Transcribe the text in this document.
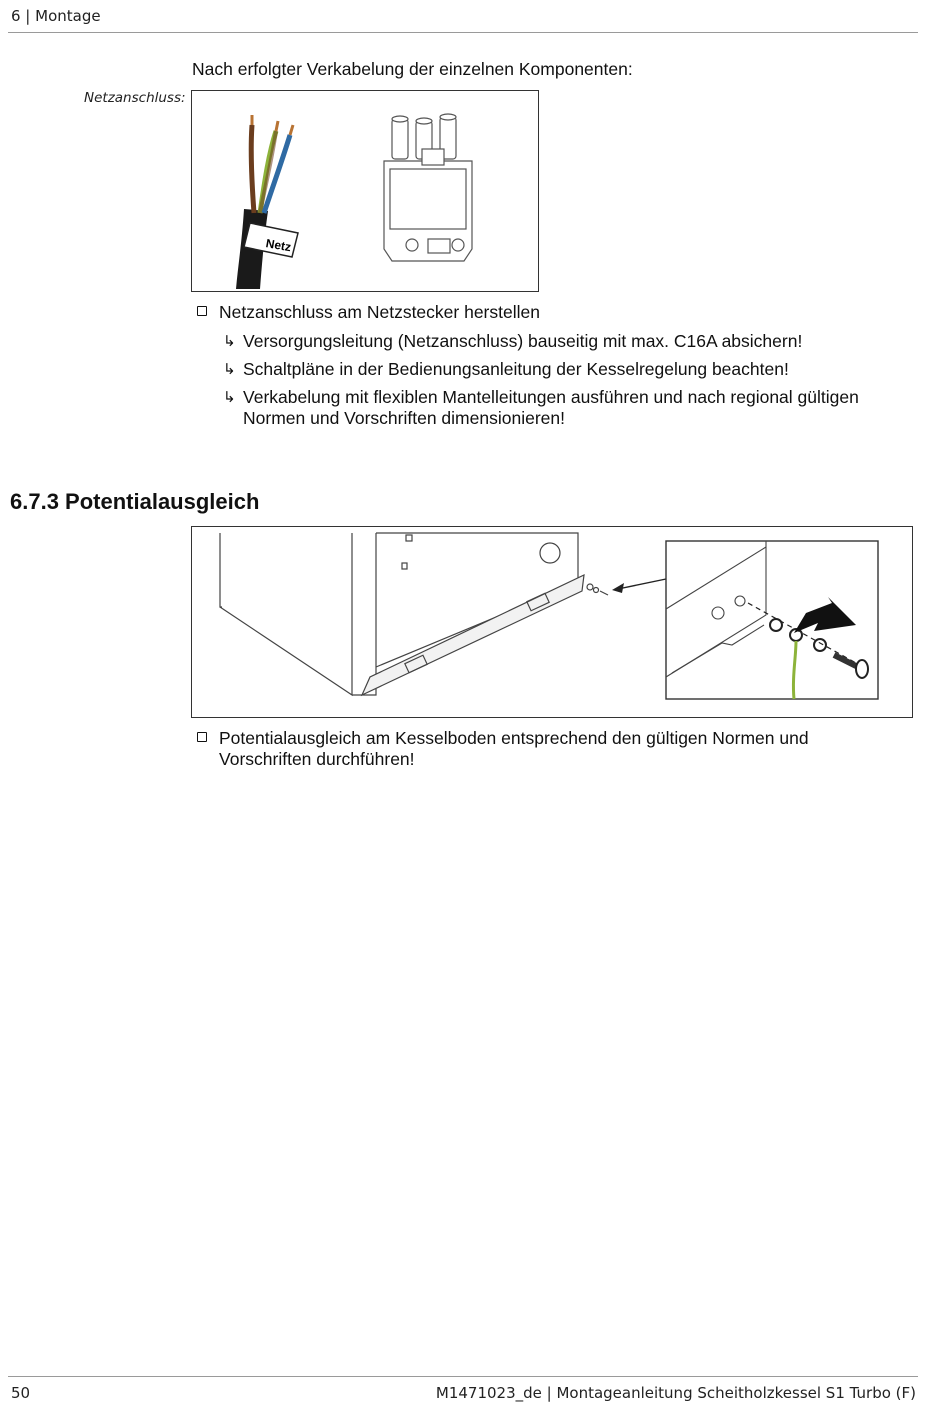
6 | Montage
Nach erfolgter Verkabelung der einzelnen Komponenten:
Netzanschluss:
Netz
Netzanschluss am Netzstecker herstellen
↳ Versorgungsleitung (Netzanschluss) bauseitig mit max. C16A absichern!
↳ Schaltpläne in der Bedienungsanleitung der Kesselregelung beachten!
↳ Verkabelung mit flexiblen Mantelleitungen ausführen und nach regional gültigen Normen und Vorschriften dimensionieren!
6.7.3 Potentialausgleich
Potentialausgleich am Kesselboden entsprechend den gültigen Normen und Vorschriften durchführen!
50	M1471023_de | Montageanleitung Scheitholzkessel S1 Turbo (F)
